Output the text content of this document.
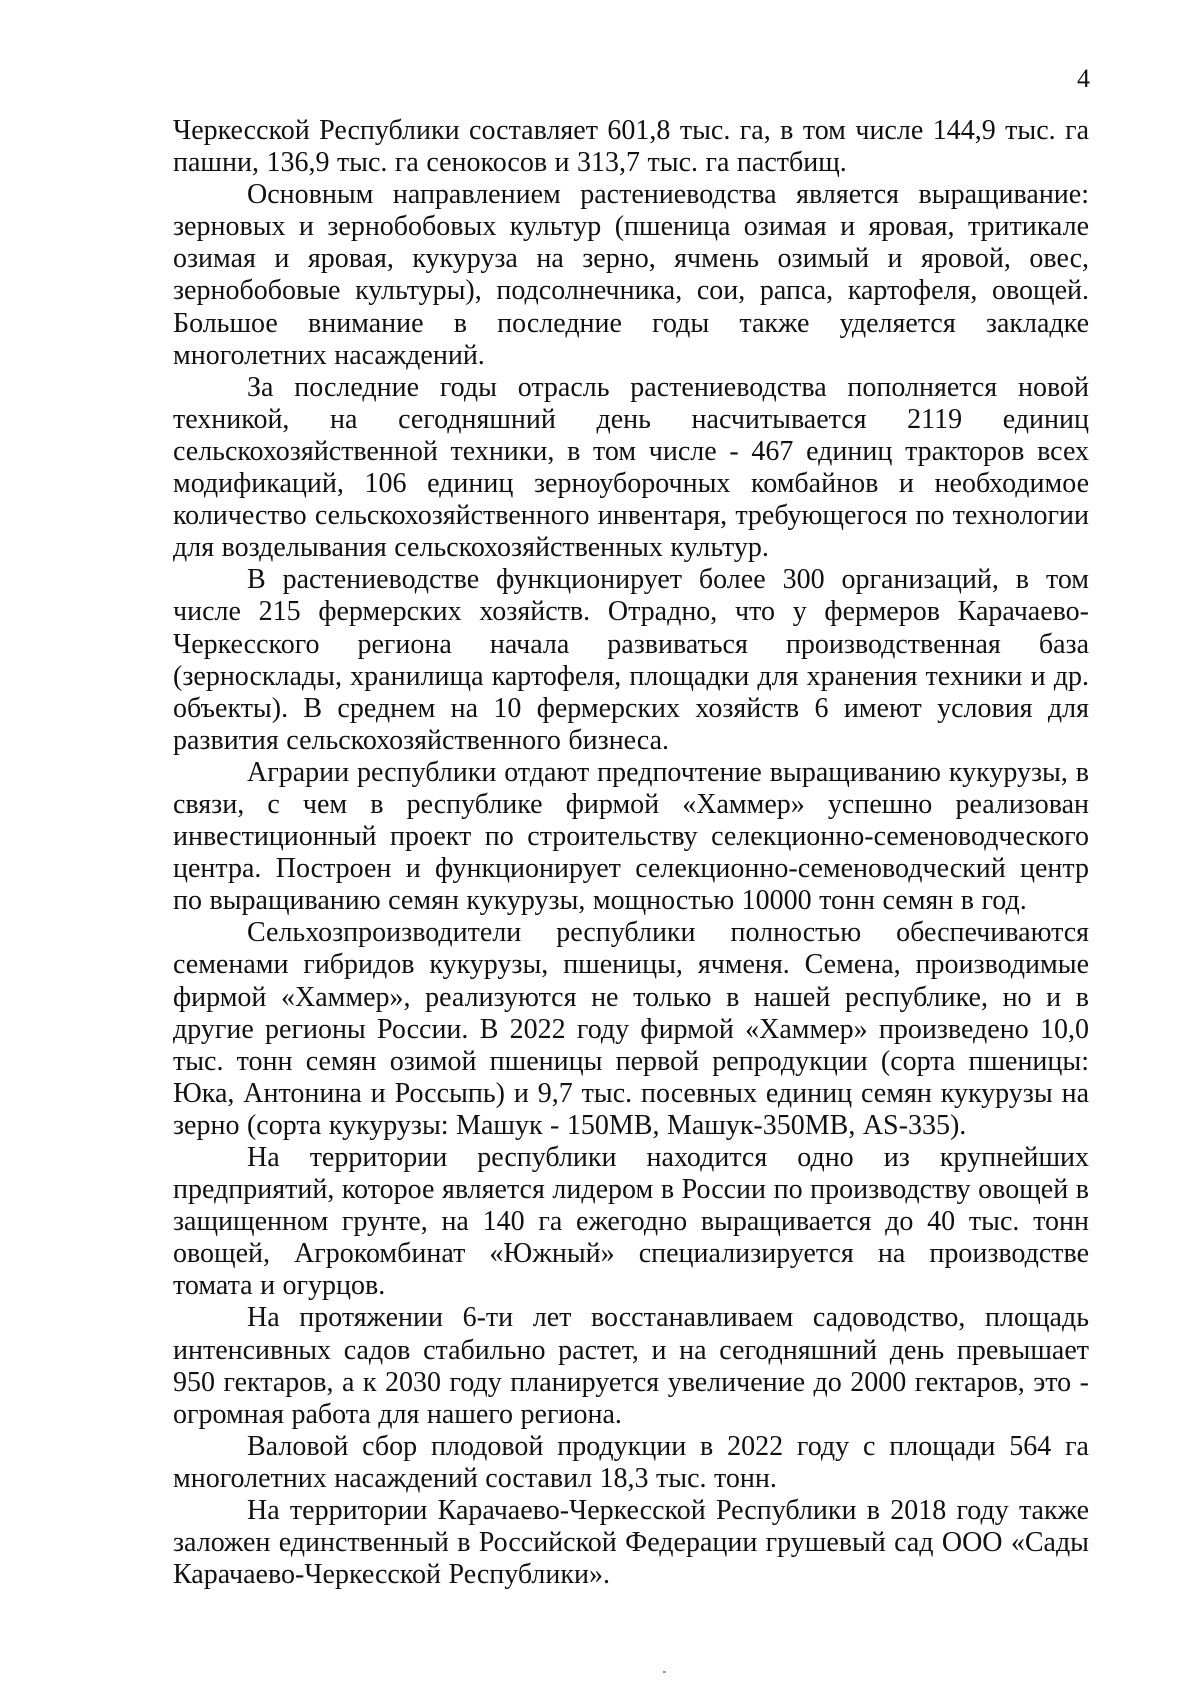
4

Черкесской Республики составляет 601,8 тыс. га, в том числе 144,9 тыс. га пашни, 136,9 тыс. га сенокосов и 313,7 тыс. га пастбищ.

Основным направлением растениеводства является выращивание: зерновых и зернобобовых культур (пшеница озимая и яровая, тритикале озимая и яровая, кукуруза на зерно, ячмень озимый и яровой, овес, зернобобовые культуры), подсолнечника, сои, рапса, картофеля, овощей. Большое внимание в последние годы также уделяется закладке многолетних насаждений.

За последние годы отрасль растениеводства пополняется новой техникой, на сегодняшний день насчитывается 2119 единиц сельскохозяйственной техники, в том числе - 467 единиц тракторов всех модификаций, 106 единиц зерноуборочных комбайнов и необходимое количество сельскохозяйственного инвентаря, требующегося по технологии для возделывания сельскохозяйственных культур.

В растениеводстве функционирует более 300 организаций, в том числе 215 фермерских хозяйств. Отрадно, что у фермеров Карачаево-Черкесского региона начала развиваться производственная база (зерносклады, хранилища картофеля, площадки для хранения техники и др. объекты). В среднем на 10 фермерских хозяйств 6 имеют условия для развития сельскохозяйственного бизнеса.

Аграрии республики отдают предпочтение выращиванию кукурузы, в связи, с чем в республике фирмой «Хаммер» успешно реализован инвестиционный проект по строительству селекционно-семеноводческого центра. Построен и функционирует селекционно-семеноводческий центр по выращиванию семян кукурузы, мощностью 10000 тонн семян в год.

Сельхозпроизводители республики полностью обеспечиваются семенами гибридов кукурузы, пшеницы, ячменя. Семена, производимые фирмой «Хаммер», реализуются не только в нашей республике, но и в другие регионы России. В 2022 году фирмой «Хаммер» произведено 10,0 тыс. тонн семян озимой пшеницы первой репродукции (сорта пшеницы: Юка, Антонина и Россыпь) и 9,7 тыс. посевных единиц семян кукурузы на зерно (сорта кукурузы: Машук - 150МВ, Машук-350МВ, AS-335).

На территории республики находится одно из крупнейших предприятий, которое является лидером в России по производству овощей в защищенном грунте, на 140 га ежегодно выращивается до 40 тыс. тонн овощей, Агрокомбинат «Южный» специализируется на производстве томата и огурцов.

На протяжении 6-ти лет восстанавливаем садоводство, площадь интенсивных садов стабильно растет, и на сегодняшний день превышает 950 гектаров, а к 2030 году планируется увеличение до 2000 гектаров, это - огромная работа для нашего региона.

Валовой сбор плодовой продукции в 2022 году с площади 564 га многолетних насаждений составил 18,3 тыс. тонн.

На территории Карачаево-Черкесской Республики в 2018 году также заложен единственный в Российской Федерации грушевый сад ООО «Сады Карачаево-Черкесской Республики».
